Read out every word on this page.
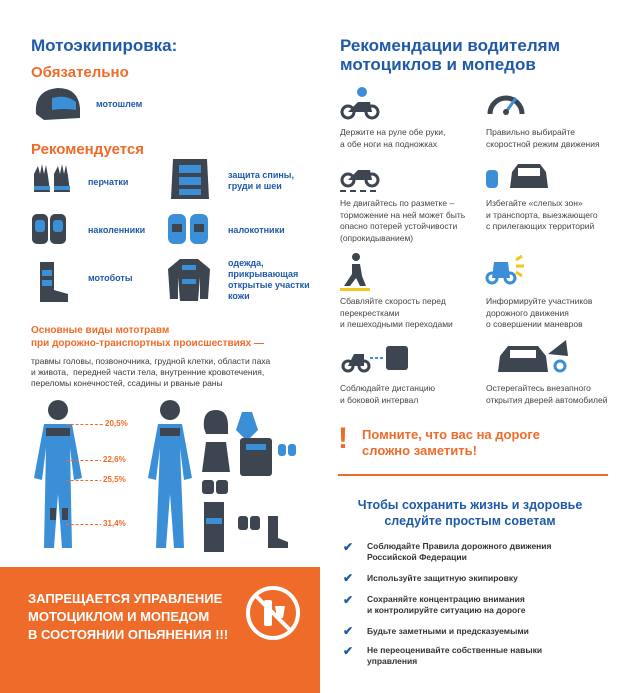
Мотоэкипировка:
Обязательно
мотошлем
Рекомендуется
перчатки
защита спины,
груди и шеи
наколенники	налокотники
мотоботы
одежда,
прикрывающая
открытые участки
кожи
Основные виды мототравм
при дорожно-транспортных происшествиях —
травмы головы, позвоночника, грудной клетки, области паха
и живота,  передней части тела, внутренние кровотечения,
переломы конечностей, ссадины и рваные раны
20,5%
22,6%
25,5%
31,4%
ЗАПРЕЩАЕТСЯ УПРАВЛЕНИЕ
МОТОЦИКЛОМ И МОПЕДОМ
В СОСТОЯНИИ ОПЬЯНЕНИЯ !!!
Рекомендации водителям
мотоциклов и мопедов
Держите на руле обе руки,
а обе ноги на подножках
Правильно выбирайте
скоростной режим движения
Не двигайтесь по разметке –
торможение на ней может быть
опасно потерей устойчивости
(опрокидыванием)
Избегайте «слепых зон»
и транспорта, выезжающего
с прилегающих территорий
Сбавляйте скорость перед
перекрестками
и пешеходными переходами
Информируйте участников
дорожного движения
о совершении маневров
Соблюдайте дистанцию
и боковой интервал
Остерегайтесь внезапного
открытия дверей автомобилей
! Помните, что вас на дороге
сложно заметить!
Чтобы сохранить жизнь и здоровье
следуйте простым советам
✔ Соблюдайте Правила дорожного движения
Российской Федерации
✔ Используйте защитную экипировку
✔ Сохраняйте концентрацию внимания
и контролируйте ситуацию на дороге
✔ Будьте заметными и предсказуемыми
✔ Не переоценивайте собственные навыки
управления
